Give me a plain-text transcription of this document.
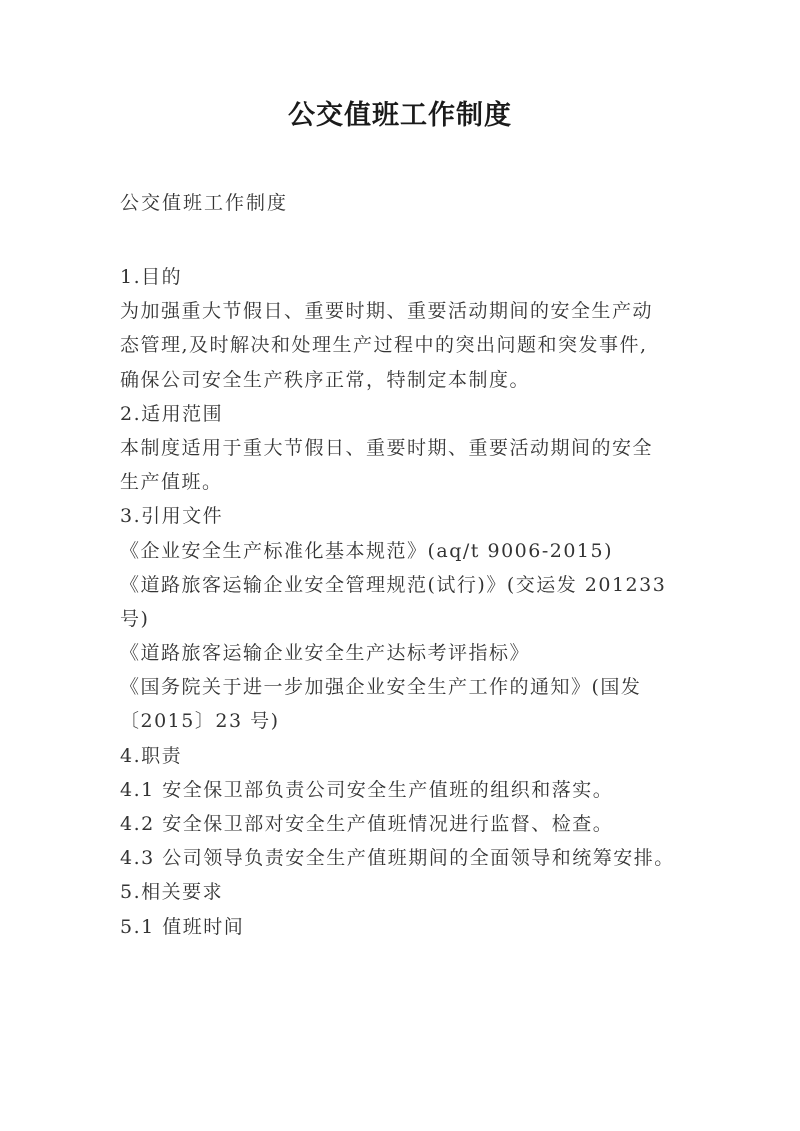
公交值班工作制度
公交值班工作制度
1.目的
为加强重大节假日、重要时期、重要活动期间的安全生产动
态管理,及时解决和处理生产过程中的突出问题和突发事件,
确保公司安全生产秩序正常，特制定本制度。
2.适用范围
本制度适用于重大节假日、重要时期、重要活动期间的安全
生产值班。
3.引用文件
《企业安全生产标准化基本规范》(aq/t 9006-2015)
《道路旅客运输企业安全管理规范(试行)》(交运发 201233
号)
《道路旅客运输企业安全生产达标考评指标》
《国务院关于进一步加强企业安全生产工作的通知》(国发
〔2015〕23 号)
4.职责
4.1 安全保卫部负责公司安全生产值班的组织和落实。
4.2 安全保卫部对安全生产值班情况进行监督、检查。
4.3 公司领导负责安全生产值班期间的全面领导和统筹安排。
5.相关要求
5.1 值班时间
